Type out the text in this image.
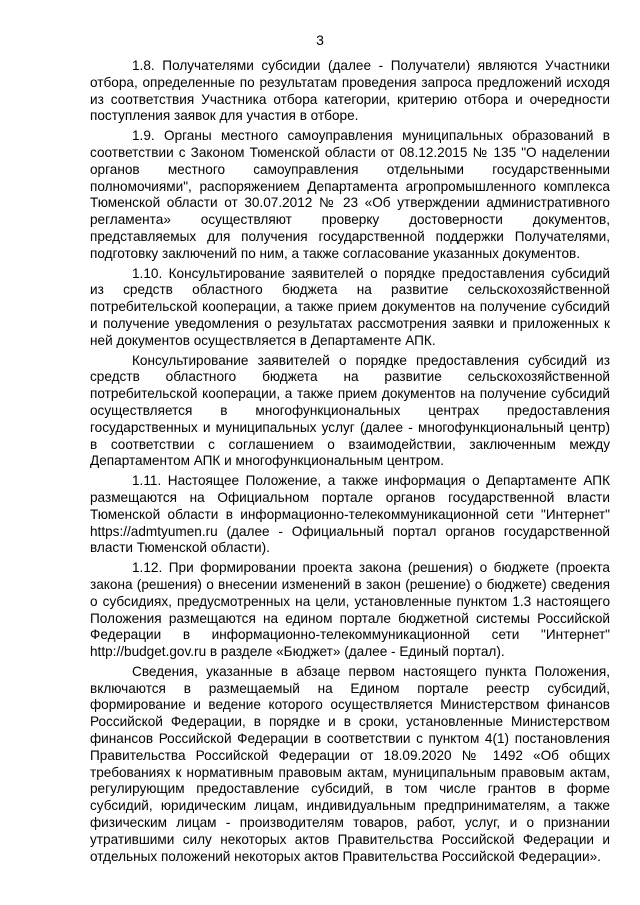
3

1.8. Получателями субсидии (далее - Получатели) являются Участники отбора, определенные по результатам проведения запроса предложений исходя из соответствия Участника отбора категории, критерию отбора и очередности поступления заявок для участия в отборе.

1.9. Органы местного самоуправления муниципальных образований в соответствии с Законом Тюменской области от 08.12.2015 № 135 "О наделении органов местного самоуправления отдельными государственными полномочиями", распоряжением Департамента агропромышленного комплекса Тюменской области от 30.07.2012 № 23 «Об утверждении административного регламента» осуществляют проверку достоверности документов, представляемых для получения государственной поддержки Получателями, подготовку заключений по ним, а также согласование указанных документов.

1.10. Консультирование заявителей о порядке предоставления субсидий из средств областного бюджета на развитие сельскохозяйственной потребительской кооперации, а также прием документов на получение субсидий и получение уведомления о результатах рассмотрения заявки и приложенных к ней документов осуществляется в Департаменте АПК.

Консультирование заявителей о порядке предоставления субсидий из средств областного бюджета на развитие сельскохозяйственной потребительской кооперации, а также прием документов на получение субсидий осуществляется в многофункциональных центрах предоставления государственных и муниципальных услуг (далее - многофункциональный центр) в соответствии с соглашением о взаимодействии, заключенным между Департаментом АПК и многофункциональным центром.

1.11. Настоящее Положение, а также информация о Департаменте АПК размещаются на Официальном портале органов государственной власти Тюменской области в информационно-телекоммуникационной сети "Интернет" https://admtyumen.ru (далее - Официальный портал органов государственной власти Тюменской области).

1.12. При формировании проекта закона (решения) о бюджете (проекта закона (решения) о внесении изменений в закон (решение) о бюджете) сведения о субсидиях, предусмотренных на цели, установленные пунктом 1.3 настоящего Положения размещаются на едином портале бюджетной системы Российской Федерации в информационно-телекоммуникационной сети "Интернет" http://budget.gov.ru в разделе «Бюджет» (далее - Единый портал).

Сведения, указанные в абзаце первом настоящего пункта Положения, включаются в размещаемый на Едином портале реестр субсидий, формирование и ведение которого осуществляется Министерством финансов Российской Федерации, в порядке и в сроки, установленные Министерством финансов Российской Федерации в соответствии с пунктом 4(1) постановления Правительства Российской Федерации от 18.09.2020 № 1492 «Об общих требованиях к нормативным правовым актам, муниципальным правовым актам, регулирующим предоставление субсидий, в том числе грантов в форме субсидий, юридическим лицам, индивидуальным предпринимателям, а также физическим лицам - производителям товаров, работ, услуг, и о признании утратившими силу некоторых актов Правительства Российской Федерации и отдельных положений некоторых актов Правительства Российской Федерации».
